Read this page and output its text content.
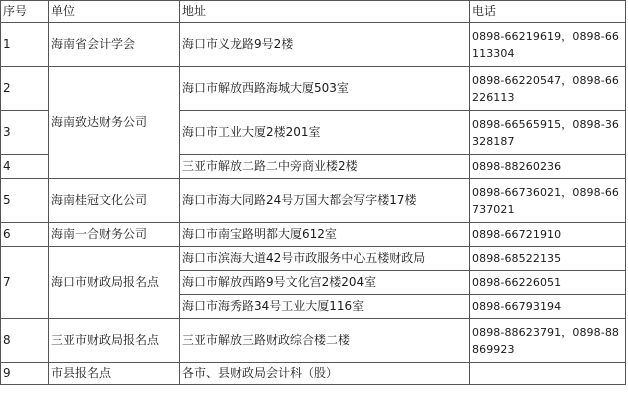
序号	单位	地址	电话
1	海南省会计学会	海口市义龙路9号2楼	0898-66219619，0898-66113304
2	海南致达财务公司	海口市解放西路海城大厦503室	0898-66220547，0898-66226113
3		海口市工业大厦2楼201室	0898-66565915，0898-36328187
4		三亚市解放二路二中旁商业楼2楼	0898-88260236
5	海南桂冠文化公司	海口市海大同路24号万国大都会写字楼17楼	0898-66736021，0898-66737021
6	海南一合财务公司	海口市南宝路明都大厦612室	0898-66721910
7	海口市财政局报名点	海口市滨海大道42号市政服务中心五楼财政局	0898-68522135
		海口市解放西路9号文化宫2楼204室	0898-66226051
		海口市海秀路34号工业大厦116室	0898-66793194
8	三亚市财政局报名点	三亚市解放三路财政综合楼二楼	0898-88623791，0898-88869923
9	市县报名点	各市、县财政局会计科（股）	
